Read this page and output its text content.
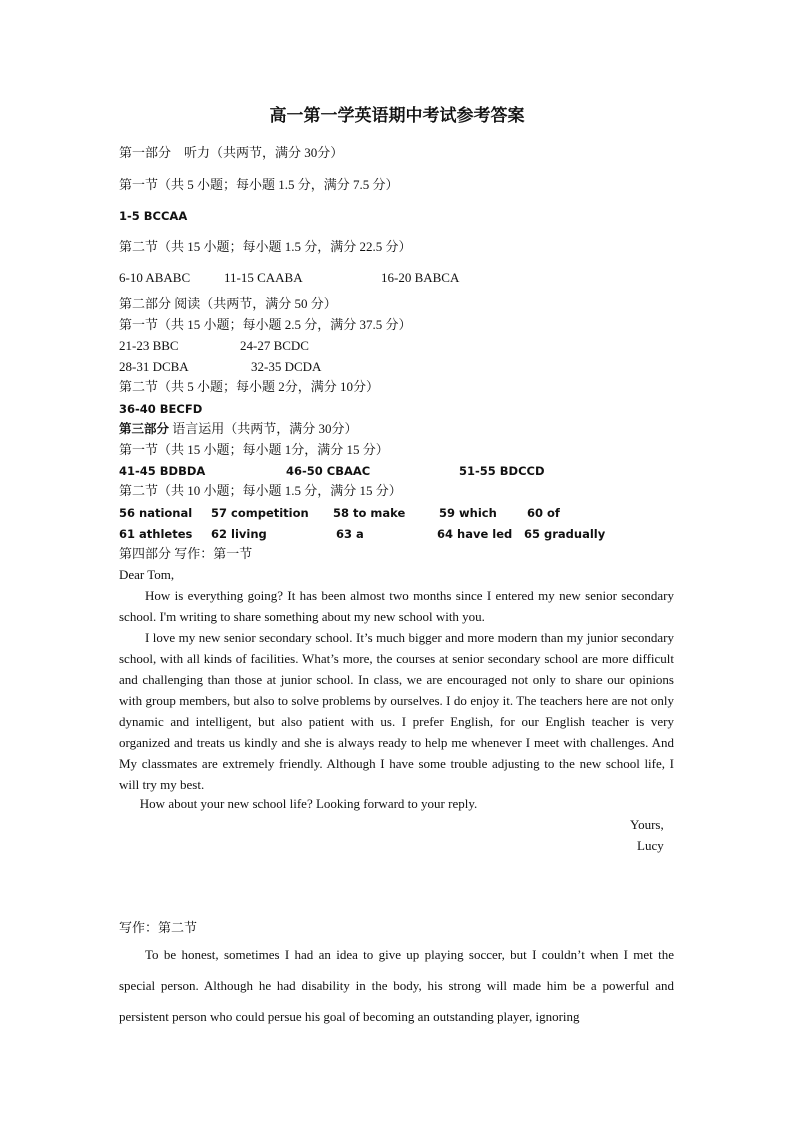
高一第一学英语期中考试参考答案
第一部分　听力（共两节，满分 30分）
第一节（共 5 小题；每小题 1.5 分，满分 7.5 分）
1-5 BCCAA
第二节（共 15 小题；每小题 1.5 分，满分 22.5 分）
6-10 ABABC	11-15 CAABA	16-20 BABCA
第二部分 阅读（共两节，满分 50 分）
第一节（共 15 小题；每小题 2.5 分，满分 37.5 分）
21-23 BBC	24-27 BCDC
28-31 DCBA	32-35 DCDA
第二节（共 5 小题；每小题 2分，满分 10分）
36-40 BECFD
第三部分 语言运用（共两节，满分 30分）
第一节（共 15 小题；每小题 1分，满分 15 分）
41-45 BDBDA	46-50 CBAAC	51-55 BDCCD
第二节（共 10 小题；每小题 1.5 分，满分 15 分）
56 national 57 competition 58 to make	59 which	60 of
61 athletes 62 living	63 a	64 have led 65 gradually
第四部分 写作：第一节
Dear Tom,
How is everything going? It has been almost two months since I entered my new senior secondary school. I'm writing to share something about my new school with you.
I love my new senior secondary school. It’s much bigger and more modern than my junior secondary school, with all kinds of facilities. What’s more, the courses at senior secondary school are more difficult and challenging than those at junior school. In class, we are encouraged not only to share our opinions with group members, but also to solve problems by ourselves. I do enjoy it. The teachers here are not only dynamic and intelligent, but also patient with us. I prefer English, for our English teacher is very organized and treats us kindly and she is always ready to help me whenever I meet with challenges. And My classmates are extremely friendly. Although I have some trouble adjusting to the new school life, I will try my best.
How about your new school life? Looking forward to your reply.
Yours,
Lucy
写作：第二节
To be honest, sometimes I had an idea to give up playing soccer, but I couldn’t when I met the special person. Although he had disability in the body, his strong will made him be a powerful and persistent person who could persue his goal of becoming an outstanding player, ignoring
